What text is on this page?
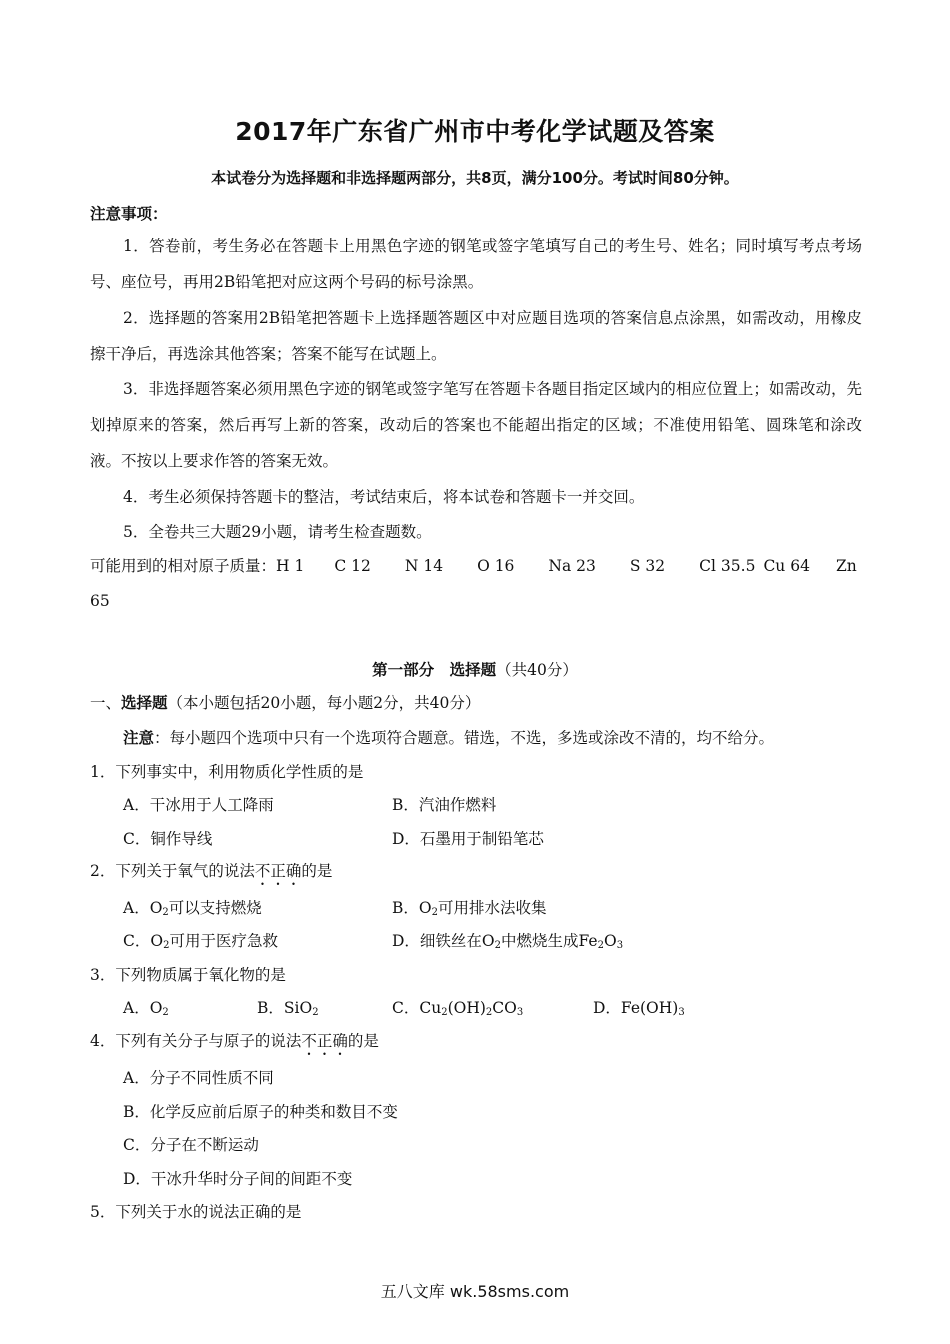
2017年广东省广州市中考化学试题及答案
本试卷分为选择题和非选择题两部分，共8页，满分100分。考试时间80分钟。
注意事项：
1．答卷前，考生务必在答题卡上用黑色字迹的钢笔或签字笔填写自己的考生号、姓名；同时填写考点考场号、座位号，再用2B铅笔把对应这两个号码的标号涂黑。
2．选择题的答案用2B铅笔把答题卡上选择题答题区中对应题目选项的答案信息点涂黑，如需改动，用橡皮擦干净后，再选涂其他答案；答案不能写在试题上。
3．非选择题答案必须用黑色字迹的钢笔或签字笔写在答题卡各题目指定区域内的相应位置上；如需改动，先划掉原来的答案，然后再写上新的答案，改动后的答案也不能超出指定的区域；不准使用铅笔、圆珠笔和涂改液。不按以上要求作答的答案无效。
4．考生必须保持答题卡的整洁，考试结束后，将本试卷和答题卡一并交回。
5．全卷共三大题29小题，请考生检查题数。
可能用到的相对原子质量：H 1 C 12 N 14 O 16 Na 23 S 32 Cl 35.5 Cu 64 Zn
65
第一部分　选择题（共40分）
一、选择题（本小题包括20小题，每小题2分，共40分）
注意：每小题四个选项中只有一个选项符合题意。错选，不选，多选或涂改不清的，均不给分。
1．下列事实中，利用物质化学性质的是
A．干冰用于人工降雨	B．汽油作燃料
C．铜作导线	D．石墨用于制铅笔芯
2．下列关于氧气的说法不正确的是
A．$O_2$可以支持燃烧	B．$O_2$可用排水法收集
C．$O_2$可用于医疗急救	D．细铁丝在$O_2$中燃烧生成$Fe_2O_3$
3．下列物质属于氧化物的是
A．$O_2$	B．SiO$_2$	C．$Cu_2(OH)_2CO_3$	D．$Fe(OH)_3$
4．下列有关分子与原子的说法不正确的是
A．分子不同性质不同
B．化学反应前后原子的种类和数目不变
C．分子在不断运动
D．干冰升华时分子间的间距不变
5．下列关于水的说法正确的是
五八文库 wk.58sms.com
